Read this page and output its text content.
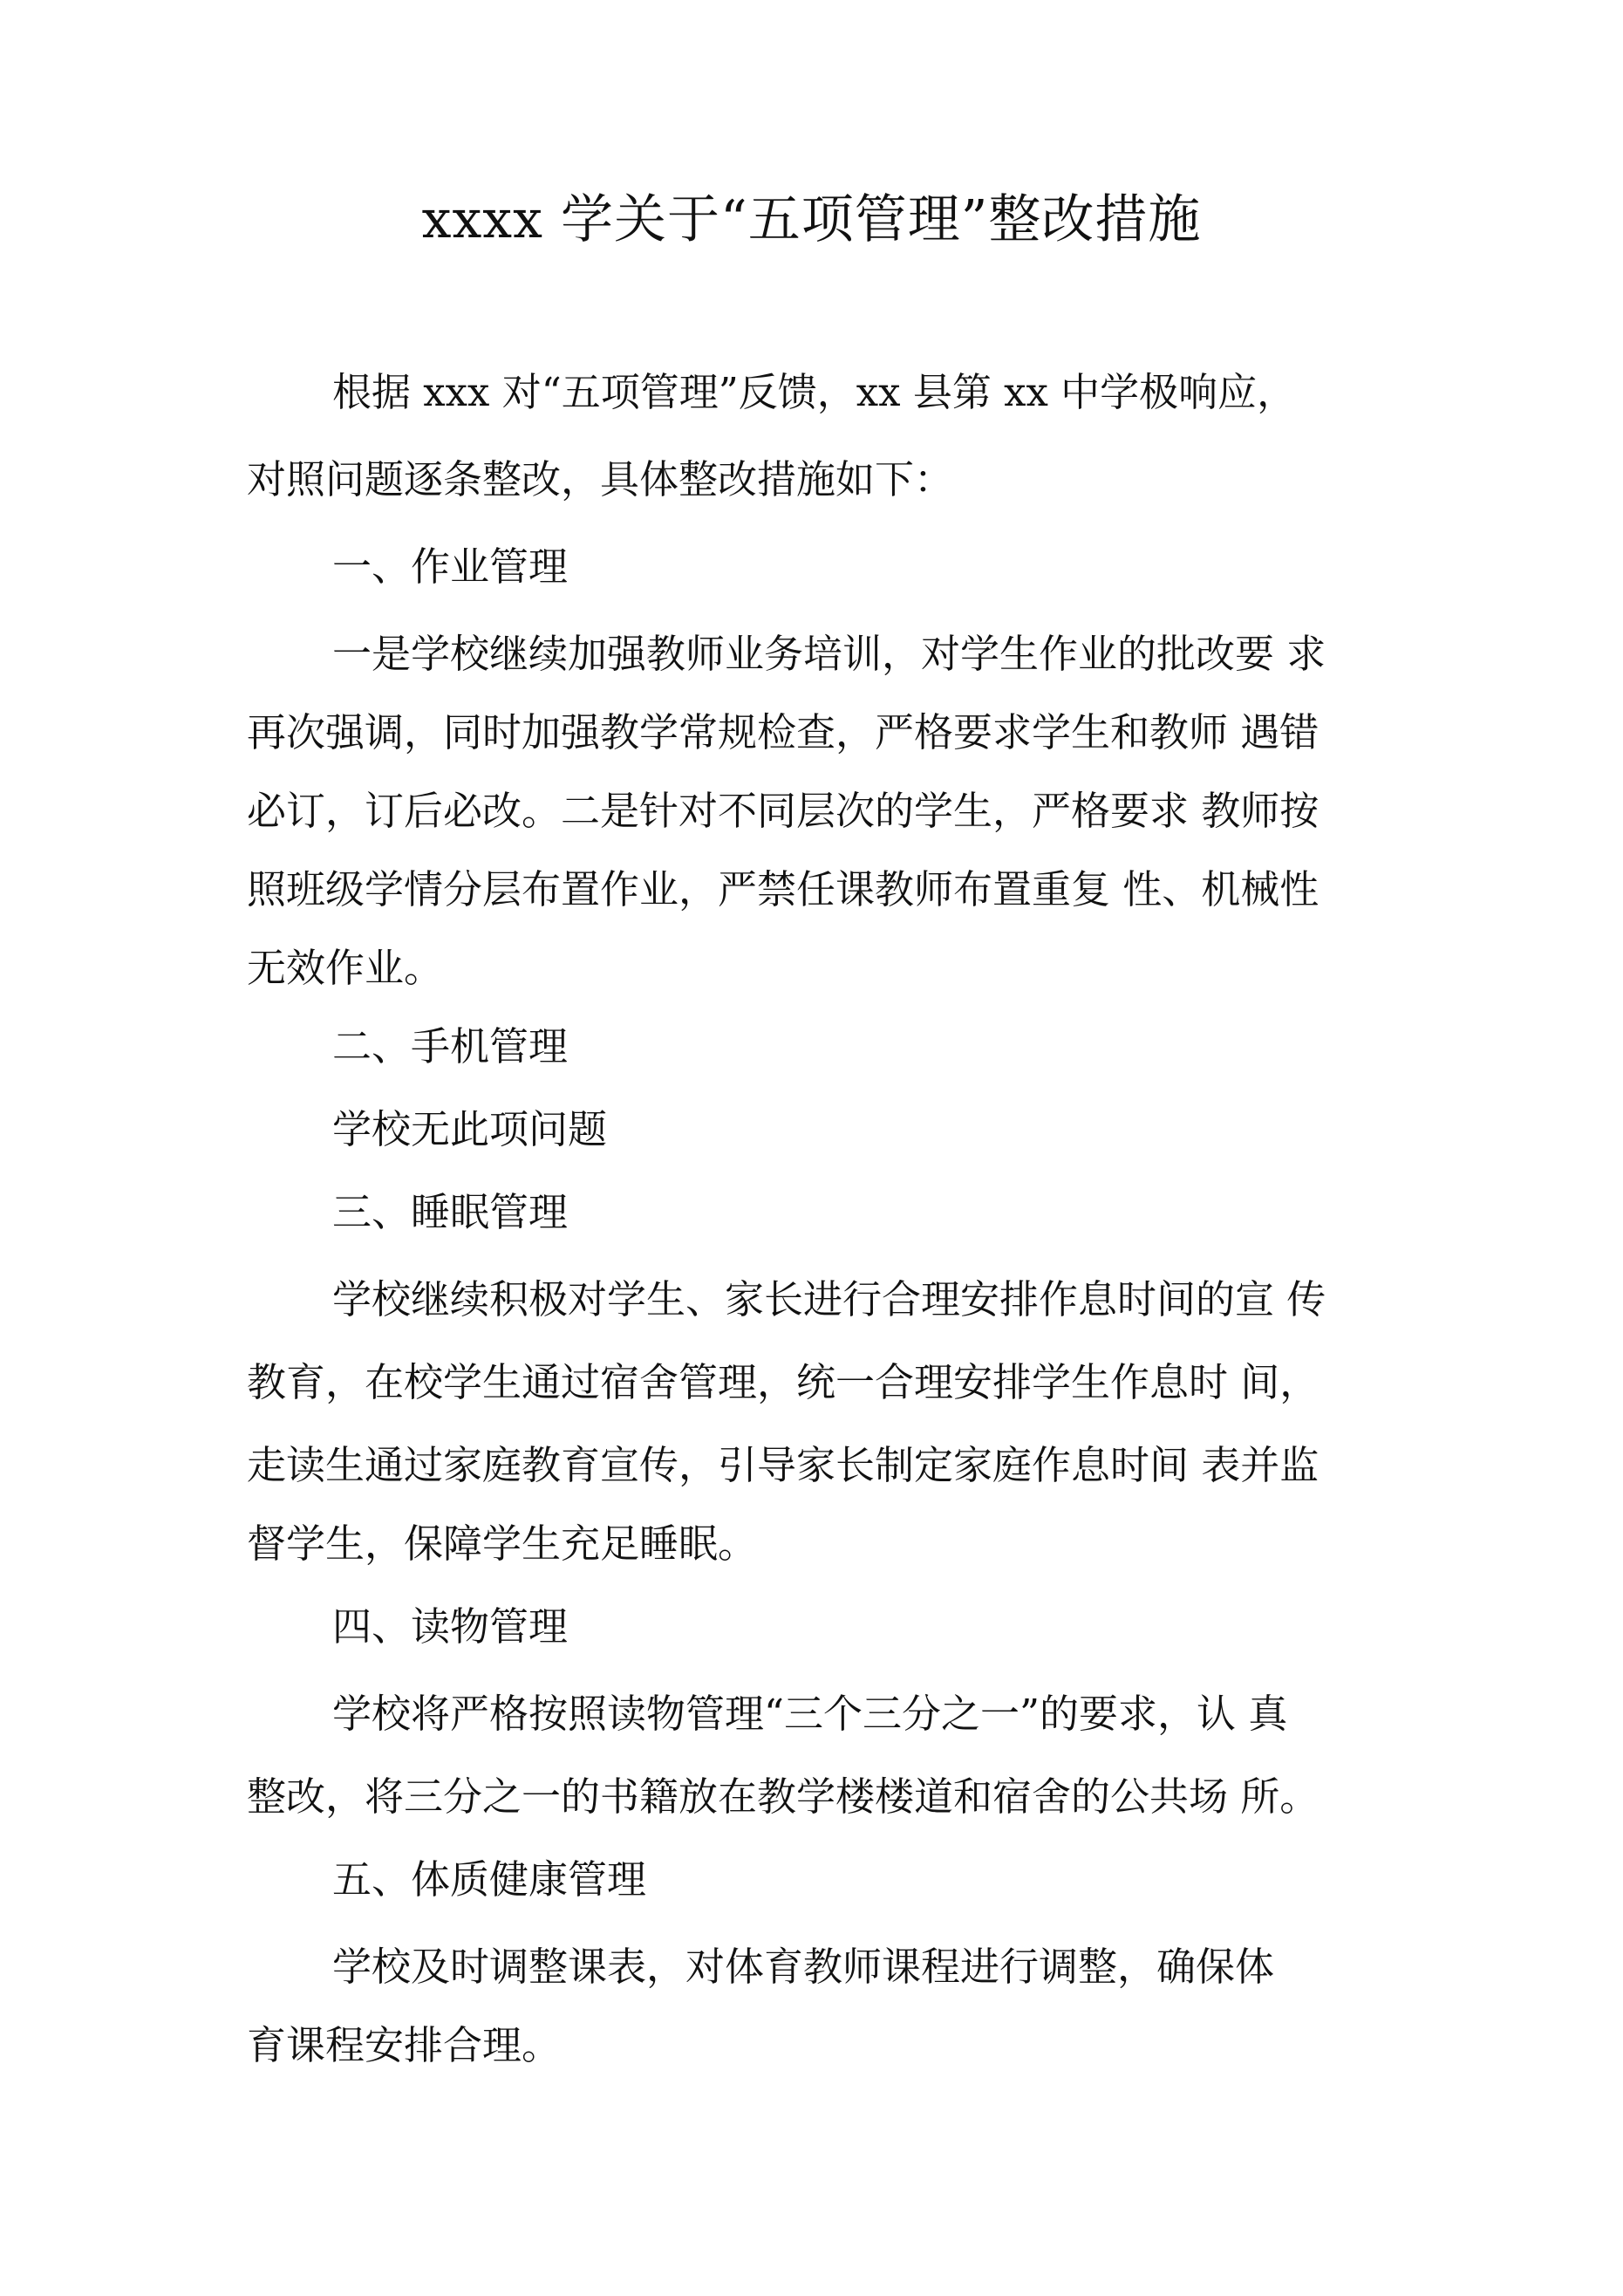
xxxx 学关于“五项管理”整改措施
根据 xxx 对“五项管理”反馈，xx 县第 xx 中学极响应，
对照问题逐条整改，具体整改措施如下：
一、作业管理
一是学校继续加强教师业务培训，对学生作业的批改要 求
再次强调，同时加强教学常规检查，严格要求学生和教师 遇错
必订，订后必改。二是针对不同层次的学生，严格要求 教师按
照班级学情分层布置作业，严禁任课教师布置重复 性、机械性
无效作业。
二、手机管理
学校无此项问题
三、睡眠管理
学校继续积极对学生、家长进行合理安排作息时间的宣 传
教育，在校学生通过宿舍管理，统一合理安排学生作息时 间，
走读生通过家庭教育宣传，引导家长制定家庭作息时间 表并监
督学生，保障学生充足睡眠。
四、读物管理
学校将严格按照读物管理“三个三分之一”的要求，认 真
整改，将三分之一的书籍放在教学楼楼道和宿舍的公共场 所。
五、体质健康管理
学校及时调整课表，对体育教师课程进行调整，确保体
育课程安排合理。
